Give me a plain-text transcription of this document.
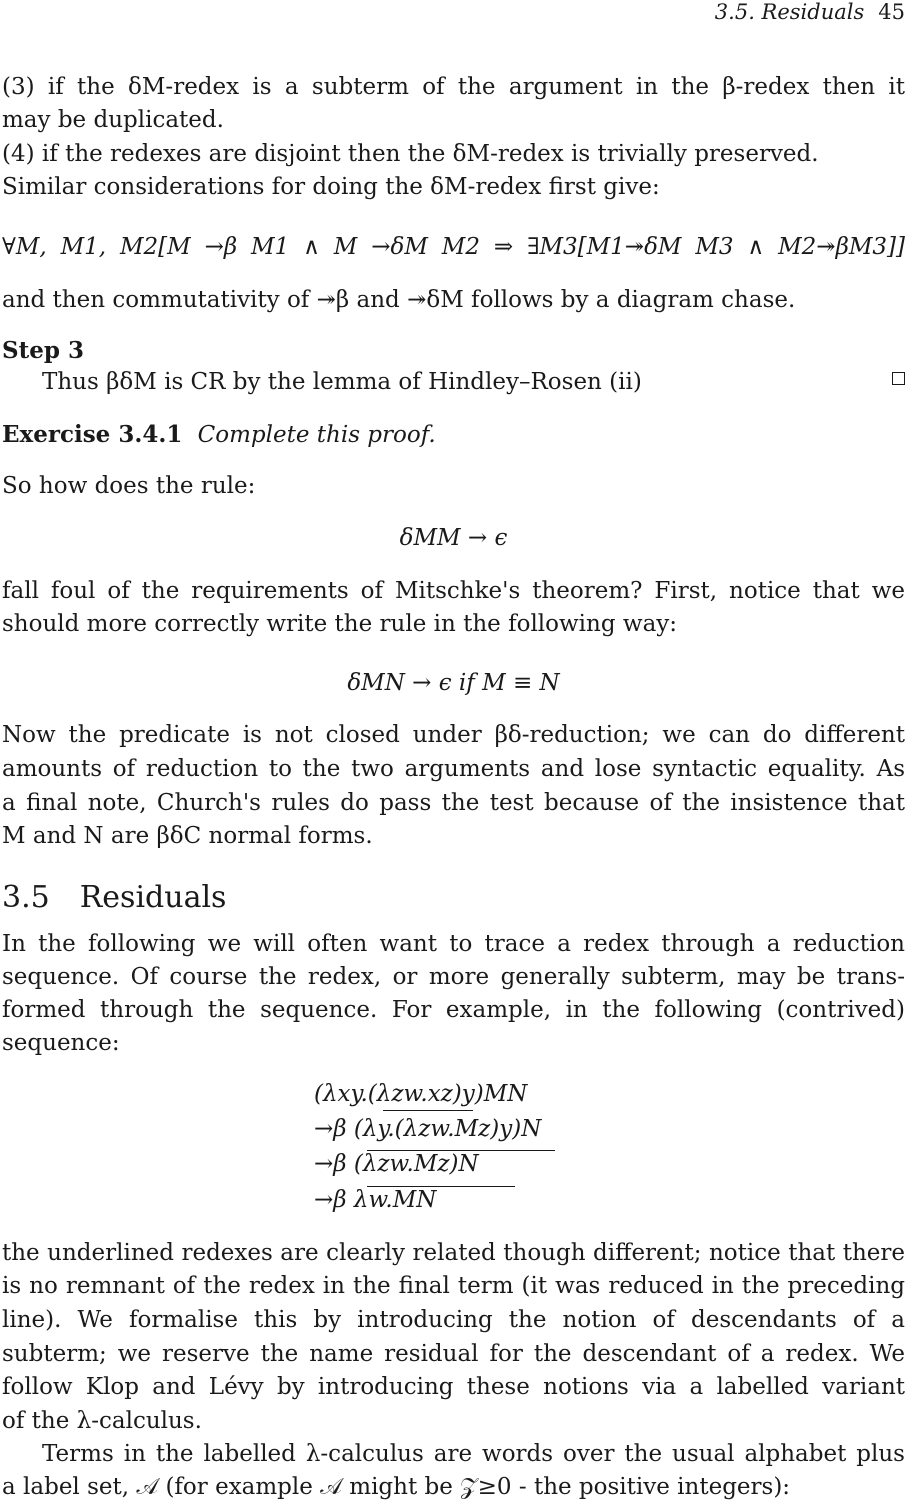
3.5. Residuals 45
(3) if the δM-redex is a subterm of the argument in the β-redex then it
may be duplicated.
(4) if the redexes are disjoint then the δM-redex is trivially preserved.
Similar considerations for doing the δM-redex first give:
∀M, M1, M2[M →β M1 ∧ M →δM M2 ⇒ ∃M3[M1↠δM M3 ∧ M2↠βM3]]
and then commutativity of ↠β and ↠δM follows by a diagram chase.
Step 3
Thus βδM is CR by the lemma of Hindley–Rosen (ii)
Exercise 3.4.1 Complete this proof.
So how does the rule:
δMM → ϵ
fall foul of the requirements of Mitschke's theorem? First, notice that we
should more correctly write the rule in the following way:
δMN → ϵ if M ≡ N
Now the predicate is not closed under βδ-reduction; we can do different
amounts of reduction to the two arguments and lose syntactic equality. As
a final note, Church's rules do pass the test because of the insistence that
M and N are βδC normal forms.
3.5 Residuals
In the following we will often want to trace a redex through a reduction
sequence. Of course the redex, or more generally subterm, may be trans-
formed through the sequence. For example, in the following (contrived)
sequence:
(λxy.(λzw.xz)y)MN
→β (λy.(λzw.Mz)y)N
→β (λzw.Mz)N
→β λw.MN
the underlined redexes are clearly related though different; notice that there
is no remnant of the redex in the final term (it was reduced in the preceding
line). We formalise this by introducing the notion of descendants of a
subterm; we reserve the name residual for the descendant of a redex. We
follow Klop and Lévy by introducing these notions via a labelled variant
of the λ-calculus.
Terms in the labelled λ-calculus are words over the usual alphabet plus
a label set, 𝒜 (for example 𝒜 might be 𝒵≥0 - the positive integers):
